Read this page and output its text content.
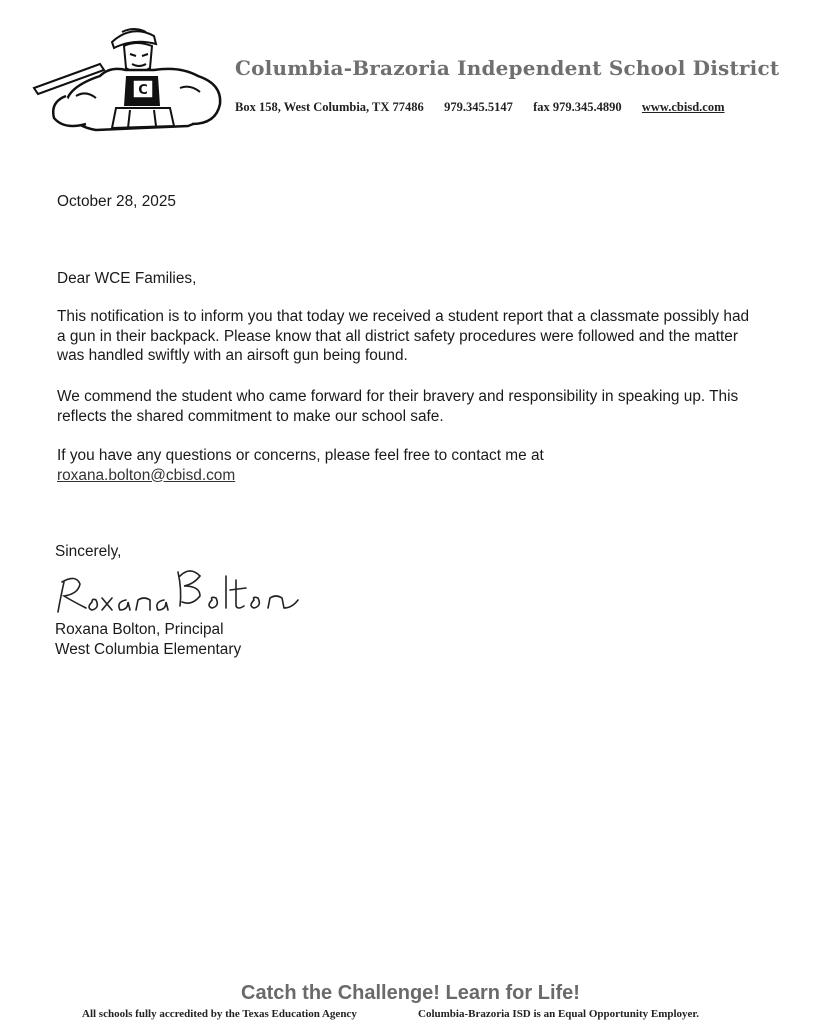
C
Columbia-Brazoria Independent School District
Box 158, West Columbia, TX 77486 979.345.5147 fax 979.345.4890 www.cbisd.com
October 28, 2025
Dear WCE Families,
This notification is to inform you that today we received a student report that a classmate possibly had a gun in their backpack. Please know that all district safety procedures were followed and the matter was handled swiftly with an airsoft gun being found.
We commend the student who came forward for their bravery and responsibility in speaking up. This reflects the shared commitment to make our school safe.
If you have any questions or concerns, please feel free to contact me at
roxana.bolton@cbisd.com
Sincerely,
Roxana Bolton, Principal
West Columbia Elementary
Catch the Challenge! Learn for Life!
All schools fully accredited by the Texas Education Agency	Columbia-Brazoria ISD is an Equal Opportunity Employer.
